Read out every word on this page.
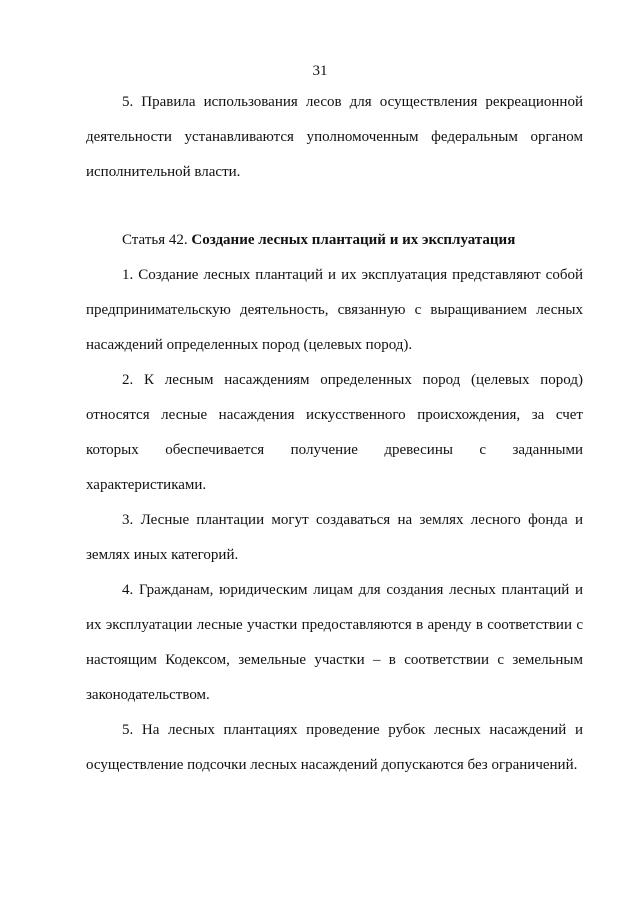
31

5. Правила использования лесов для осуществления рекреационной деятельности устанавливаются уполномоченным федеральным органом исполнительной власти.

Статья 42. Создание лесных плантаций и их эксплуатация

1. Создание лесных плантаций и их эксплуатация представляют собой предпринимательскую деятельность, связанную с выращиванием лесных насаждений определенных пород (целевых пород).

2. К лесным насаждениям определенных пород (целевых пород) относятся лесные насаждения искусственного происхождения, за счет которых обеспечивается получение древесины с заданными характеристиками.

3. Лесные плантации могут создаваться на землях лесного фонда и землях иных категорий.

4. Гражданам, юридическим лицам для создания лесных плантаций и их эксплуатации лесные участки предоставляются в аренду в соответствии с настоящим Кодексом, земельные участки – в соответствии с земельным законодательством.

5. На лесных плантациях проведение рубок лесных насаждений и осуществление подсочки лесных насаждений допускаются без ограничений.
